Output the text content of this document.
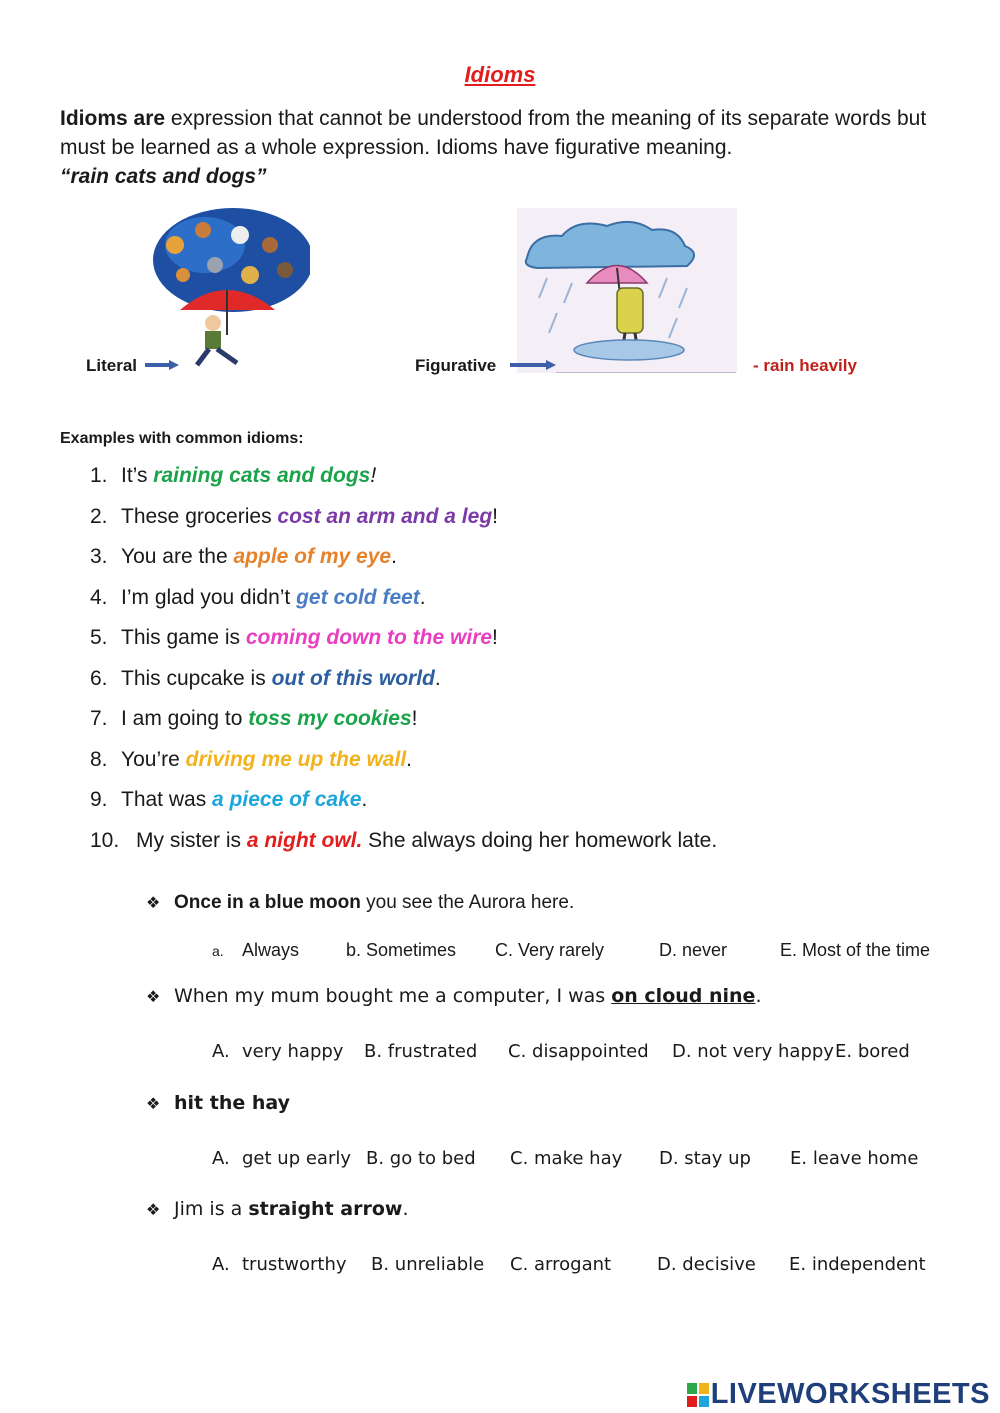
Idioms
Idioms are expression that cannot be understood from the meaning of its separate words but must be learned as a whole expression. Idioms have figurative meaning.
“rain cats and dogs”
Literal	Figurative	- rain heavily
Examples with common idioms:
1. It’s raining cats and dogs!
2. These groceries cost an arm and a leg!
3. You are the apple of my eye.
4. I’m glad you didn’t get cold feet.
5. This game is coming down to the wire!
6. This cupcake is out of this world.
7. I am going to toss my cookies!
8. You’re driving me up the wall.
9. That was a piece of cake.
10. My sister is a night owl. She always doing her homework late.
❖ Once in a blue moon you see the Aurora here.
a. Always	b. Sometimes C. Very rarely	D. never	E. Most of the time
❖ When my mum bought me a computer, I was on cloud nine.
A. very happy B. frustrated C. disappointed D. not very happy E. bored
❖ hit the hay
A. get up early B. go to bed C. make hay D. stay up E. leave home
❖ Jim is a straight arrow.
A. trustworthy B. unreliable C. arrogant	D. decisive E. independent
LIVEWORKSHEETS
